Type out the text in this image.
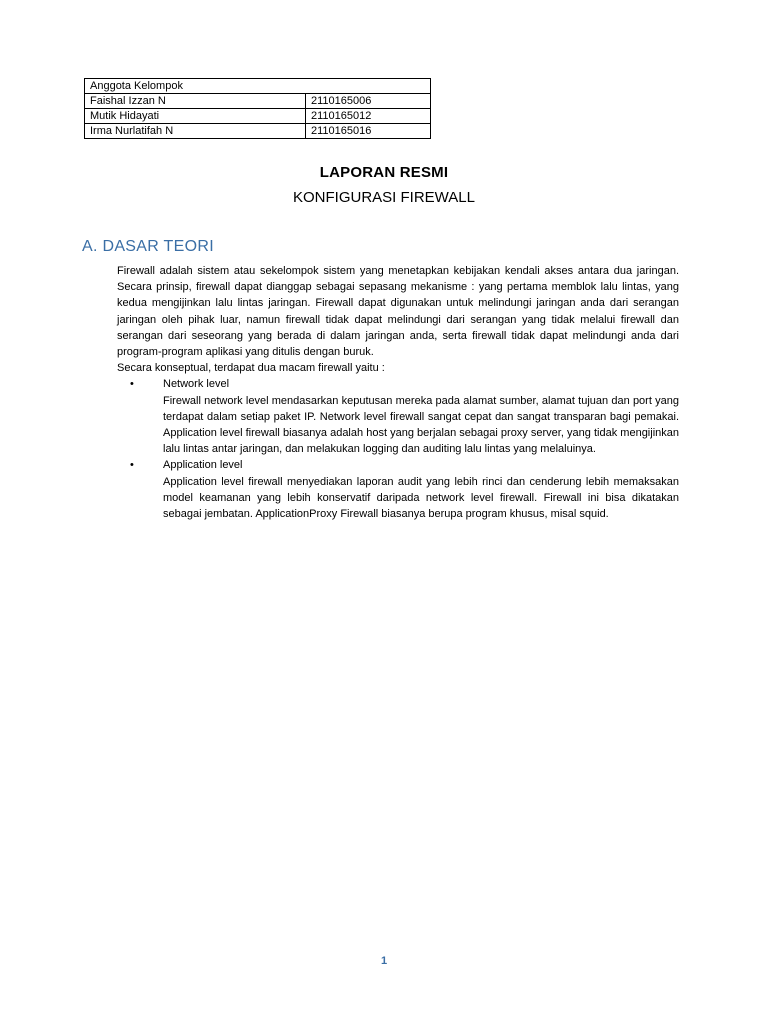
Anggota Kelompok	
Faishal Izzan N	2110165006
Mutik Hidayati	2110165012
Irma Nurlatifah N	2110165016
LAPORAN RESMI
KONFIGURASI FIREWALL
A. DASAR TEORI

Firewall adalah sistem atau sekelompok sistem yang menetapkan kebijakan kendali akses antara dua jaringan. Secara prinsip, firewall dapat dianggap sebagai sepasang mekanisme : yang pertama memblok lalu lintas, yang kedua mengijinkan lalu lintas jaringan. Firewall dapat digunakan untuk melindungi jaringan anda dari serangan jaringan oleh pihak luar, namun firewall tidak dapat melindungi dari serangan yang tidak melalui firewall dan serangan dari seseorang yang berada di dalam jaringan anda, serta firewall tidak dapat melindungi anda dari program-program aplikasi yang ditulis dengan buruk.

Secara konseptual, terdapat dua macam firewall yaitu :

•	Network level
Firewall network level mendasarkan keputusan mereka pada alamat sumber, alamat tujuan dan port yang terdapat dalam setiap paket IP. Network level firewall sangat cepat dan sangat transparan bagi pemakai. Application level firewall biasanya adalah host yang berjalan sebagai proxy server, yang tidak mengijinkan lalu lintas antar jaringan, dan melakukan logging dan auditing lalu lintas yang melaluinya.
•	Application level
Application level firewall menyediakan laporan audit yang lebih rinci dan cenderung lebih memaksakan model keamanan yang lebih konservatif daripada network level firewall. Firewall ini bisa dikatakan sebagai jembatan. ApplicationProxy Firewall biasanya berupa program khusus, misal squid.
1
